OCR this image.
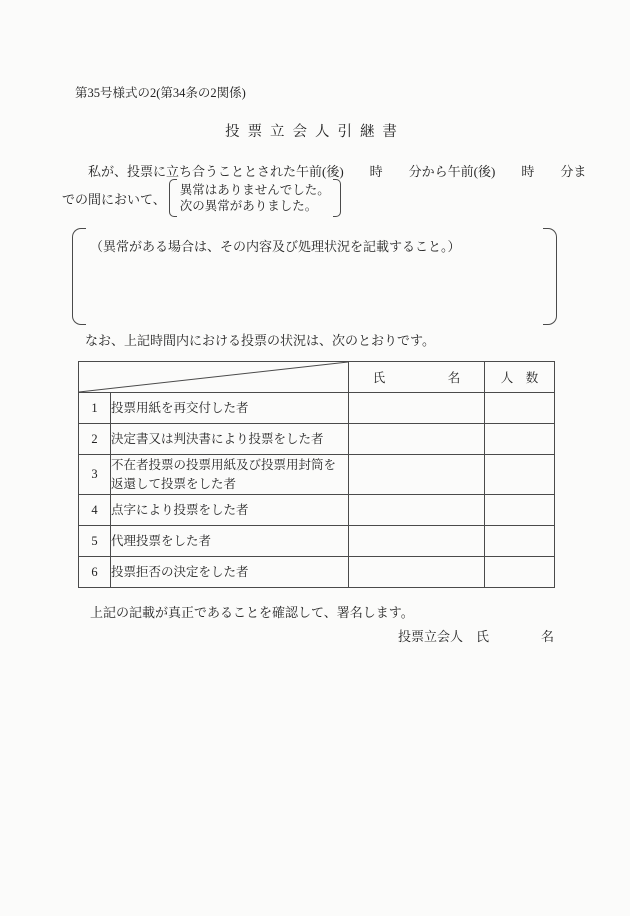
第35号様式の2(第34条の2関係)
投票立会人引継書
私が、投票に立ち合うこととされた午前(後)　　時　　分から午前(後)　　時　　分ま
での間において、
異常はありませんでした。
次の異常がありました。
（異常がある場合は、その内容及び処理状況を記載すること。）
なお、上記時間内における投票の状況は、次のとおりです。
	氏　　　　　名	人　数
1	投票用紙を再交付した者		
2	決定書又は判決書により投票をした者		
3	不在者投票の投票用紙及び投票用封筒を返還して投票をした者		
4	点字により投票をした者		
5	代理投票をした者		
6	投票拒否の決定をした者		
上記の記載が真正であることを確認して、署名します。
投票立会人　氏　　　　名
